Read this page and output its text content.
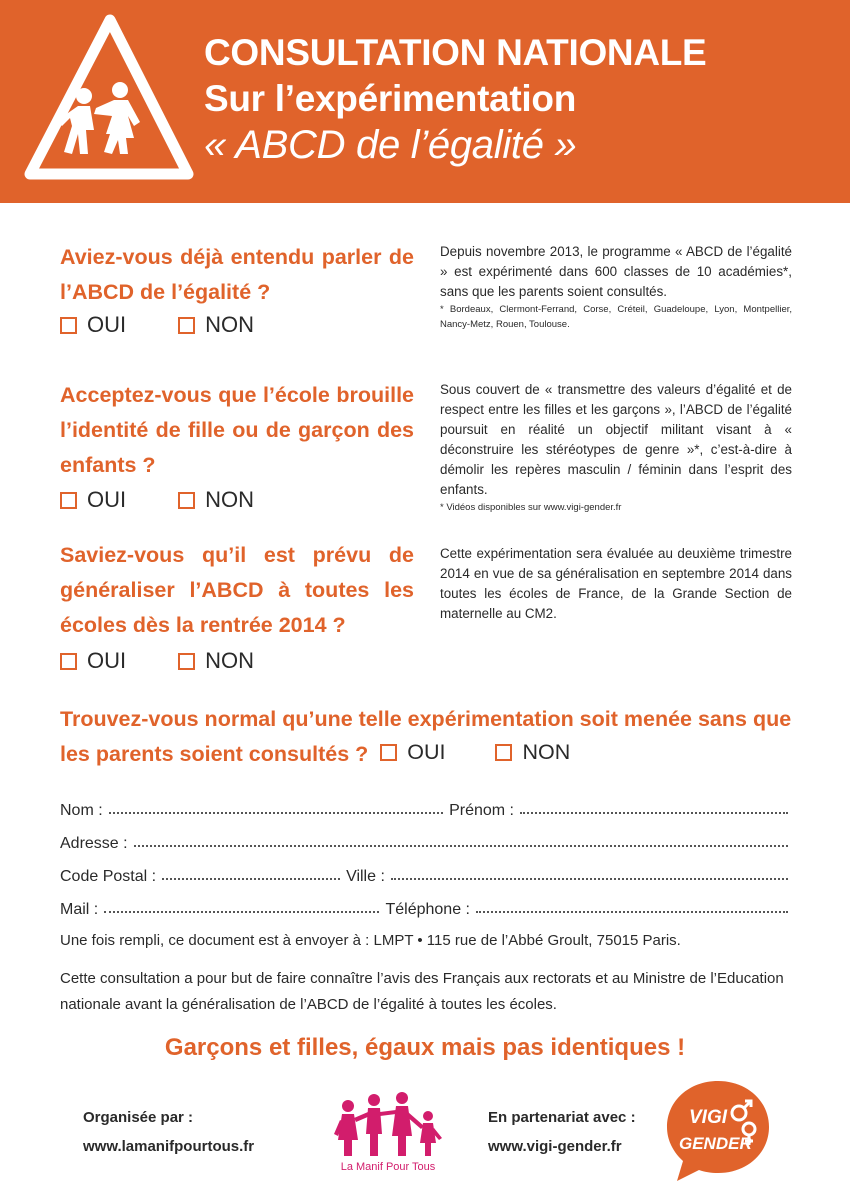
CONSULTATION NATIONALE
Sur l’expérimentation
« ABCD de l’égalité »
Aviez-vous déjà entendu parler de l’ABCD de l’égalité ?
OUI	NON
Depuis novembre 2013, le programme « ABCD de l’égalité » est expérimenté dans 600 classes de 10 académies*, sans que les parents soient consultés.
* Bordeaux, Clermont-Ferrand, Corse, Créteil, Guadeloupe, Lyon, Montpellier, Nancy-Metz, Rouen, Toulouse.
Acceptez-vous que l’école brouille l’identité de fille ou de garçon des enfants ?
OUI	NON
Sous couvert de « transmettre des valeurs d’égalité et de respect entre les filles et les garçons », l’ABCD de l’égalité poursuit en réalité un objectif militant visant à « déconstruire les stéréotypes de genre »*, c’est-à-dire à démolir les repères masculin / féminin dans l’esprit des enfants.
* Vidéos disponibles sur www.vigi-gender.fr
Saviez-vous qu’il est prévu de généraliser l’ABCD à toutes les écoles dès la rentrée 2014 ?
OUI	NON
Cette expérimentation sera évaluée au deuxième trimestre 2014 en vue de sa généralisation en septembre 2014 dans toutes les écoles de France, de la Grande Section de maternelle au CM2.
Trouvez-vous normal qu’une telle expérimentation soit menée sans que les parents soient consultés ? OUI	NON
Nom :	Prénom :
Adresse :
Code Postal :	Ville :
Mail :	Téléphone :
Une fois rempli, ce document est à envoyer à : LMPT • 115 rue de l’Abbé Groult, 75015 Paris.
Cette consultation a pour but de faire connaître l’avis des Français aux rectorats et au Ministre de l’Education nationale avant la généralisation de l’ABCD de l’égalité à toutes les écoles.
Garçons et filles, égaux mais pas identiques !
Organisée par :
www.lamanifpourtous.fr
La Manif Pour Tous
En partenariat avec :
www.vigi-gender.fr
VIGI
GENDER
